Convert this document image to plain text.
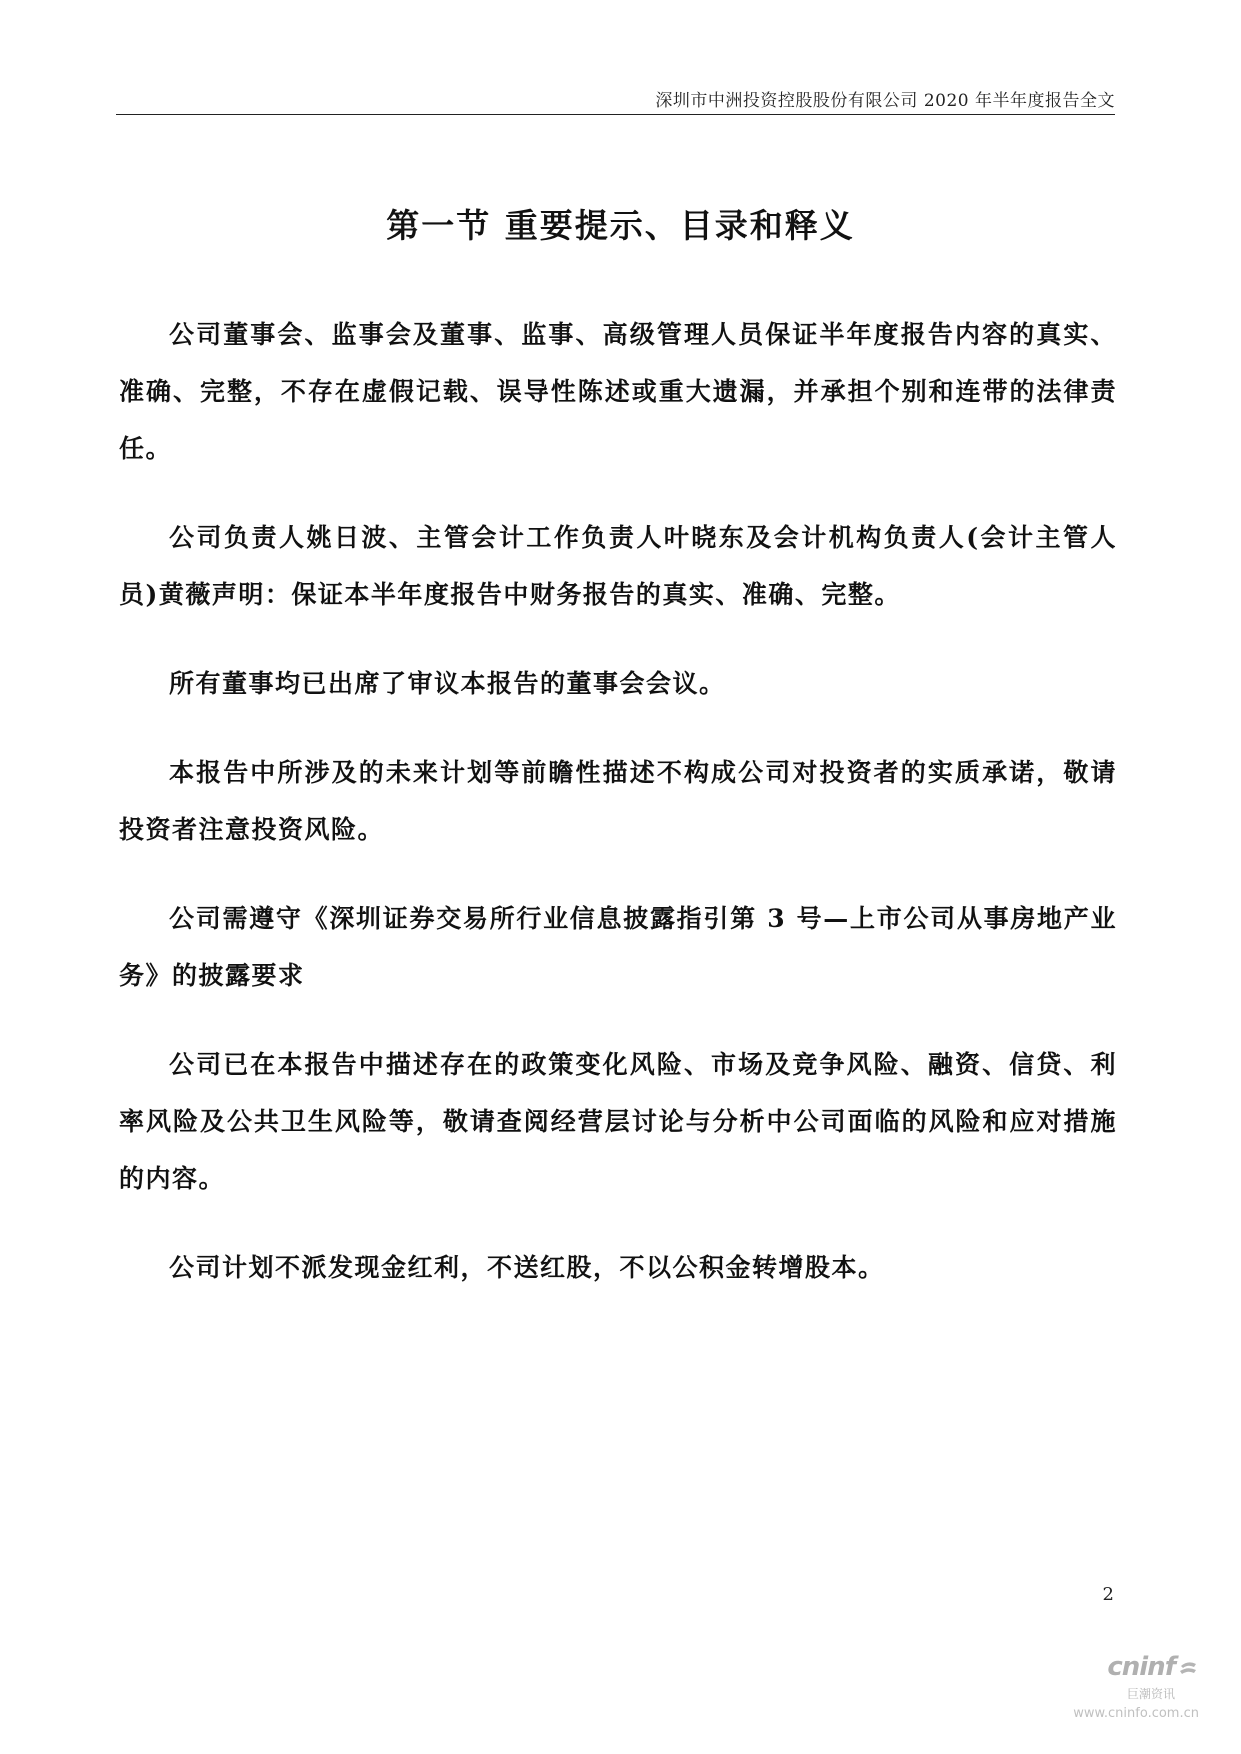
深圳市中洲投资控股股份有限公司 2020 年半年度报告全文
第一节 重要提示、目录和释义

公司董事会、监事会及董事、监事、高级管理人员保证半年度报告内容的真实、准确、完整，不存在虚假记载、误导性陈述或重大遗漏，并承担个别和连带的法律责任。

公司负责人姚日波、主管会计工作负责人叶晓东及会计机构负责人(会计主管人员)黄薇声明：保证本半年度报告中财务报告的真实、准确、完整。

所有董事均已出席了审议本报告的董事会会议。

本报告中所涉及的未来计划等前瞻性描述不构成公司对投资者的实质承诺，敬请投资者注意投资风险。

公司需遵守《深圳证券交易所行业信息披露指引第 3 号—上市公司从事房地产业务》的披露要求

公司已在本报告中描述存在的政策变化风险、市场及竞争风险、融资、信贷、利率风险及公共卫生风险等，敬请查阅经营层讨论与分析中公司面临的风险和应对措施的内容。

公司计划不派发现金红利，不送红股，不以公积金转增股本。

2
cninf
巨潮资讯
www.cninfo.com.cn
